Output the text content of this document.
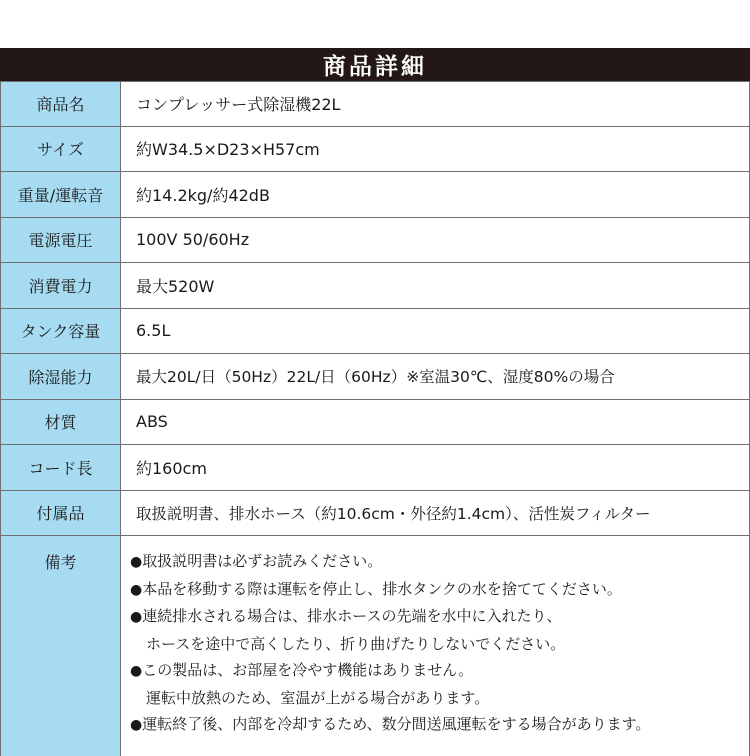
商品詳細
商品名	コンプレッサー式除湿機22L
サイズ	約W34.5×D23×H57cm
重量/運転音	約14.2kg/約42dB
電源電圧	100V 50/60Hz
消費電力	最大520W
タンク容量	6.5L
除湿能力	最大20L/日（50Hz）22L/日（60Hz）※室温30℃、湿度80%の場合
材質	ABS
コード長	約160cm
付属品	取扱説明書、排水ホース（約10.6cm・外径約1.4cm）、活性炭フィルター
備考	●取扱説明書は必ずお読みください。
●本品を移動する際は運転を停止し、排水タンクの水を捨ててください。
●連続排水される場合は、排水ホースの先端を水中に入れたり、
ホースを途中で高くしたり、折り曲げたりしないでください。
●この製品は、お部屋を冷やす機能はありません。
運転中放熱のため、室温が上がる場合があります。
●運転終了後、内部を冷却するため、数分間送風運転をする場合があります。
